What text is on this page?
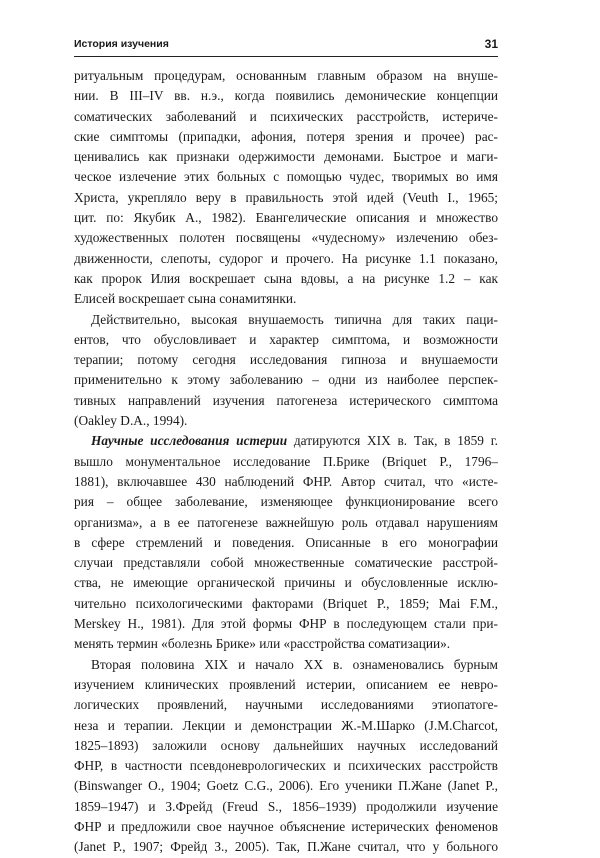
История изучения	31
ритуальным процедурам, основанным главным образом на внуше-
нии. В III–IV вв. н.э., когда появились демонические концепции
соматических заболеваний и психических расстройств, истериче-
ские симптомы (припадки, афония, потеря зрения и прочее) рас-
ценивались как признаки одержимости демонами. Быстрое и маги-
ческое излечение этих больных с помощью чудес, творимых во имя
Христа, укрепляло веру в правильность этой идей (Veuth I., 1965;
цит. по: Якубик А., 1982). Евангелические описания и множество
художественных полотен посвящены «чудесному» излечению обез-
движенности, слепоты, судорог и прочего. На рисунке 1.1 показано,
как пророк Илия воскрешает сына вдовы, а на рисунке 1.2 – как
Елисей воскрешает сына сонамитянки.
Действительно, высокая внушаемость типична для таких паци-
ентов, что обусловливает и характер симптома, и возможности
терапии; потому сегодня исследования гипноза и внушаемости
применительно к этому заболеванию – одни из наиболее перспек-
тивных направлений изучения патогенеза истерического симптома
(Oakley D.A., 1994).
Научные исследования истерии датируются XIX в. Так, в 1859 г.
вышло монументальное исследование П.Брике (Briquet P., 1796–
1881), включавшее 430 наблюдений ФНР. Автор считал, что «исте-
рия – общее заболевание, изменяющее функционирование всего
организма», а в ее патогенезе важнейшую роль отдавал нарушениям
в сфере стремлений и поведения. Описанные в его монографии
случаи представляли собой множественные соматические расстрой-
ства, не имеющие органической причины и обусловленные исклю-
чительно психологическими факторами (Briquet P., 1859; Mai F.M.,
Merskey H., 1981). Для этой формы ФНР в последующем стали при-
менять термин «болезнь Брике» или «расстройства соматизации».
Вторая половина XIX и начало XX в. ознаменовались бурным
изучением клинических проявлений истерии, описанием ее невро-
логических проявлений, научными исследованиями этиопатоге-
неза и терапии. Лекции и демонстрации Ж.-М.Шарко (J.M.Charcot,
1825–1893) заложили основу дальнейших научных исследований
ФНР, в частности псевдоневрологических и психических расстройств
(Binswanger O., 1904; Goetz C.G., 2006). Его ученики П.Жане (Janet P.,
1859–1947) и З.Фрейд (Freud S., 1856–1939) продолжили изучение
ФНР и предложили свое научное объяснение истерических феноменов
(Janet P., 1907; Фрейд З., 2005). Так, П.Жане считал, что у больного
